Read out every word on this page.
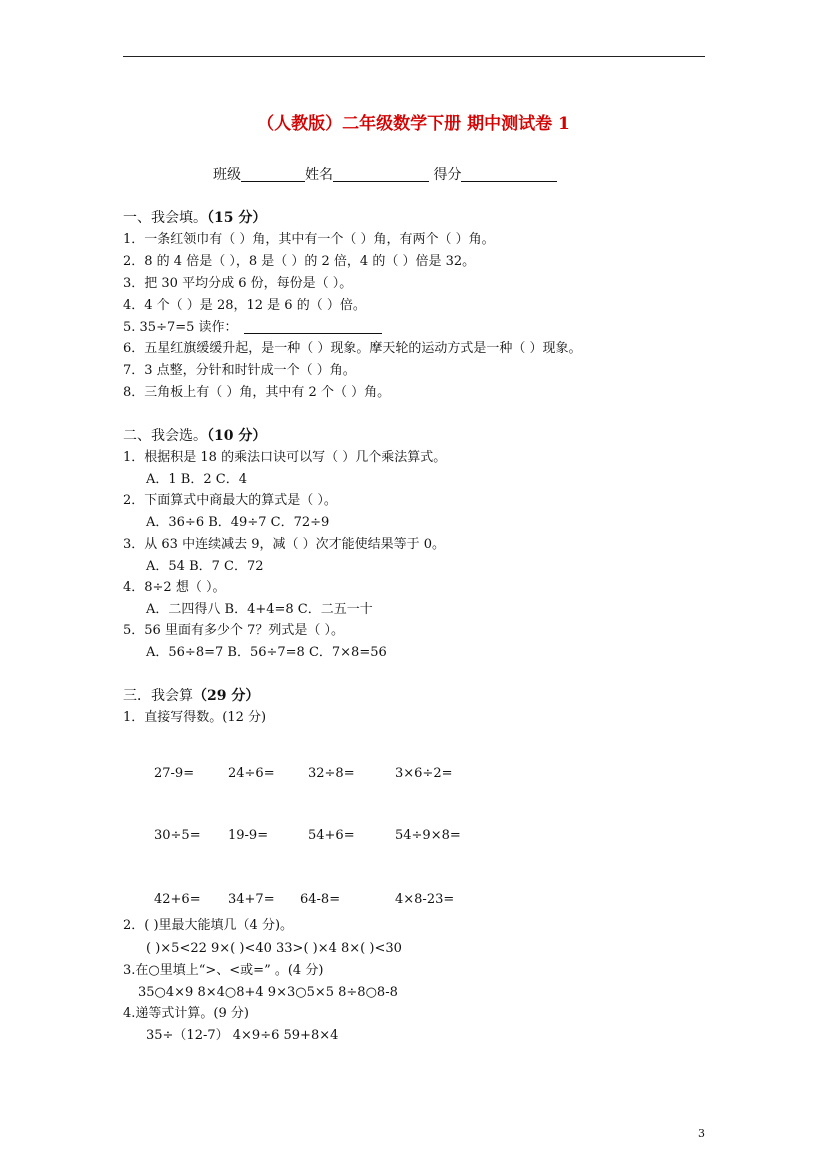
（人教版）二年级数学下册 期中测试卷 1
班级	姓名	得分
一、我会填。（15 分）
1．一条红领巾有（ ）角，其中有一个（ ）角，有两个（ ）角。
2．8 的 4 倍是（ ），8 是（ ）的 2 倍，4 的（ ）倍是 32。
3．把 30 平均分成 6 份，每份是（ ）。
4．4 个（ ）是 28，12 是 6 的（ ）倍。
5. 35÷7=5 读作：
6．五星红旗缓缓升起，是一种（ ）现象。摩天轮的运动方式是一种（ ）现象。
7．3 点整，分针和时针成一个（ ）角。
8．三角板上有（ ）角，其中有 2 个（ ）角。
二、我会选。（10 分）
1．根据积是 18 的乘法口诀可以写（ ）几个乘法算式。
A．1 B．2 C．4
2．下面算式中商最大的算式是（ ）。
A．36÷6 B．49÷7 C．72÷9
3．从 63 中连续减去 9，减（ ）次才能使结果等于 0。
A．54 B．7 C．72
4．8÷2 想（ ）。
A．二四得八 B．4+4=8 C．二五一十
5．56 里面有多少个 7？列式是（ ）。
A．56÷8=7 B．56÷7=8 C．7×8=56
三．我会算（29 分）
1．直接写得数。(12 分)
27-9=	24÷6=	32÷8=	3×6÷2=
30÷5= 19-9=	54+6=	54÷9×8=
42+6= 34+7= 64-8=	4×8-23=
2．( )里最大能填几（4 分)。
( )×5<22 9×( )<40 33>( )×4 8×( )<30
3.在○里填上“>、<或=” 。(4 分)
35○4×9 8×4○8+4 9×3○5×5 8÷8○8-8
4.递等式计算。(9 分)
35÷（12-7） 4×9÷6 59+8×4
3
